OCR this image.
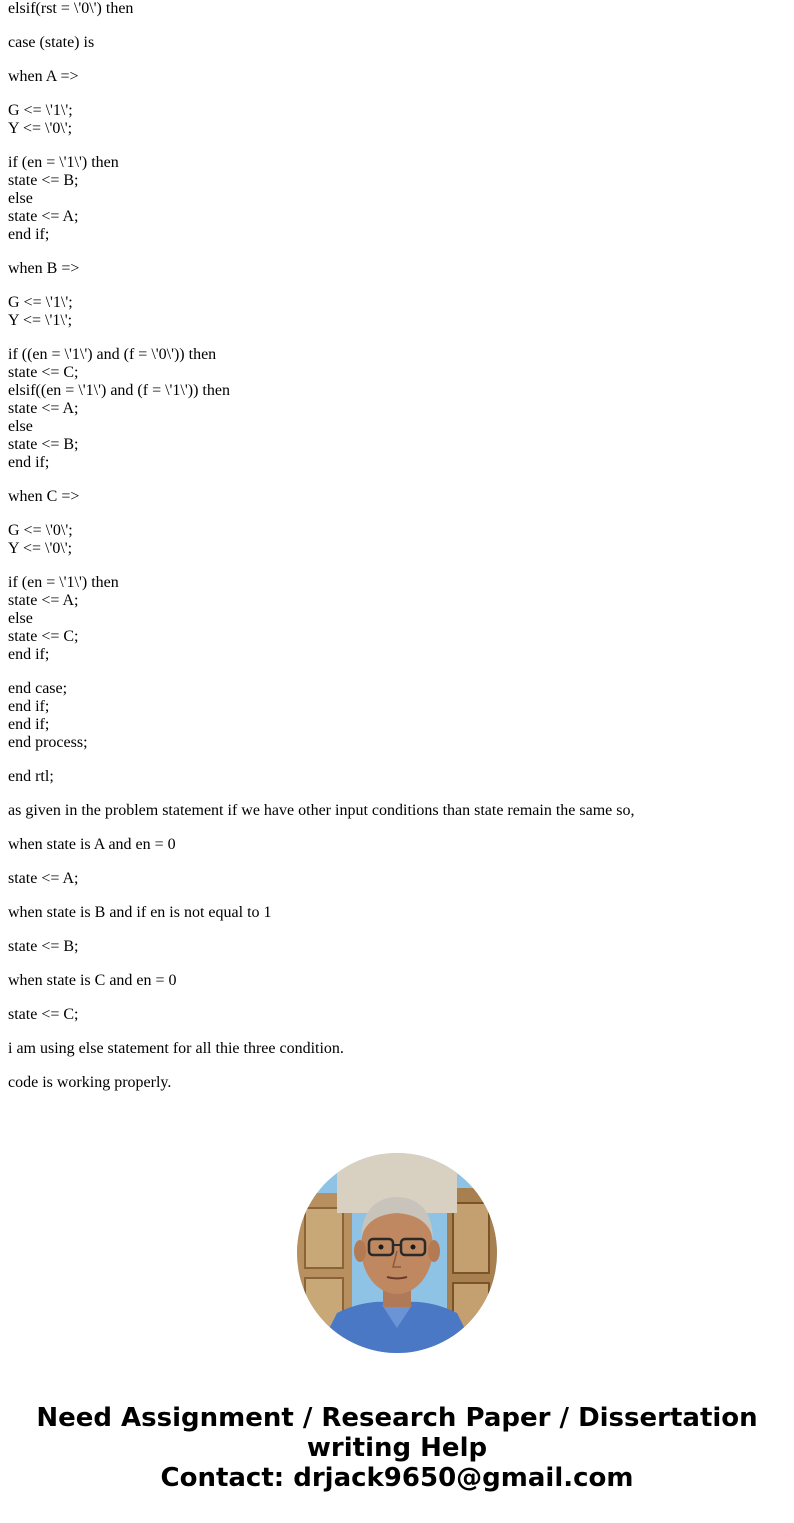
elsif(rst = \'0\') then
case (state) is
when A =>
G <= \'1\';
Y <= \'0\';
if (en = \'1\') then
state <= B;
else
state <= A;
end if;
when B =>
G <= \'1\';
Y <= \'1\';
if ((en = \'1\') and (f = \'0\')) then
state <= C;
elsif((en = \'1\') and (f = \'1\')) then
state <= A;
else
state <= B;
end if;
when C =>
G <= \'0\';
Y <= \'0\';
if (en = \'1\') then
state <= A;
else
state <= C;
end if;
end case;
end if;
end if;
end process;
end rtl;
as given in the problem statement if we have other input conditions than state remain the same so,
when state is A and en = 0
state <= A;
when state is B and if en is not equal to 1
state <= B;
when state is C and en = 0
state <= C;
i am using else statement for all thie three condition.
code is working properly.
Need Assignment / Research Paper / Dissertation
writing Help
Contact: drjack9650@gmail.com
